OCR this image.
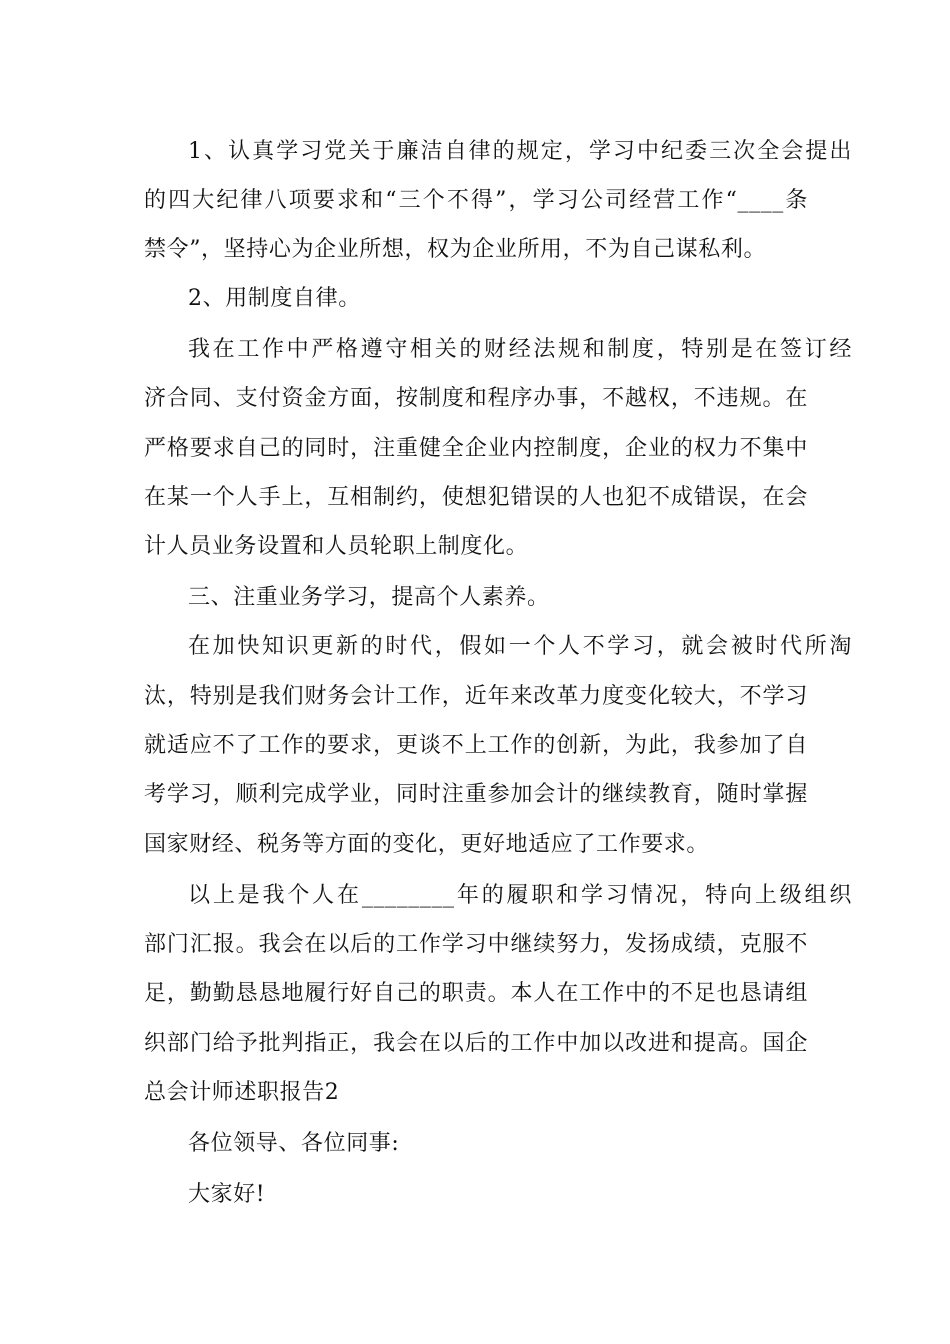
1、认真学习党关于廉洁自律的规定，学习中纪委三次全会提出
的四大纪律八项要求和“三个不得”，学习公司经营工作“____条
禁令”，坚持心为企业所想，权为企业所用，不为自己谋私利。
2、用制度自律。
我在工作中严格遵守相关的财经法规和制度，特别是在签订经
济合同、支付资金方面，按制度和程序办事，不越权，不违规。在
严格要求自己的同时，注重健全企业内控制度，企业的权力不集中
在某一个人手上，互相制约，使想犯错误的人也犯不成错误，在会
计人员业务设置和人员轮职上制度化。
三、注重业务学习，提高个人素养。
在加快知识更新的时代，假如一个人不学习，就会被时代所淘
汰，特别是我们财务会计工作，近年来改革力度变化较大，不学习
就适应不了工作的要求，更谈不上工作的创新，为此，我参加了自
考学习，顺利完成学业，同时注重参加会计的继续教育，随时掌握
国家财经、税务等方面的变化，更好地适应了工作要求。
以上是我个人在________年的履职和学习情况，特向上级组织
部门汇报。我会在以后的工作学习中继续努力，发扬成绩，克服不
足，勤勤恳恳地履行好自己的职责。本人在工作中的不足也恳请组
织部门给予批判指正，我会在以后的工作中加以改进和提高。国企
总会计师述职报告2
各位领导、各位同事:
大家好!
